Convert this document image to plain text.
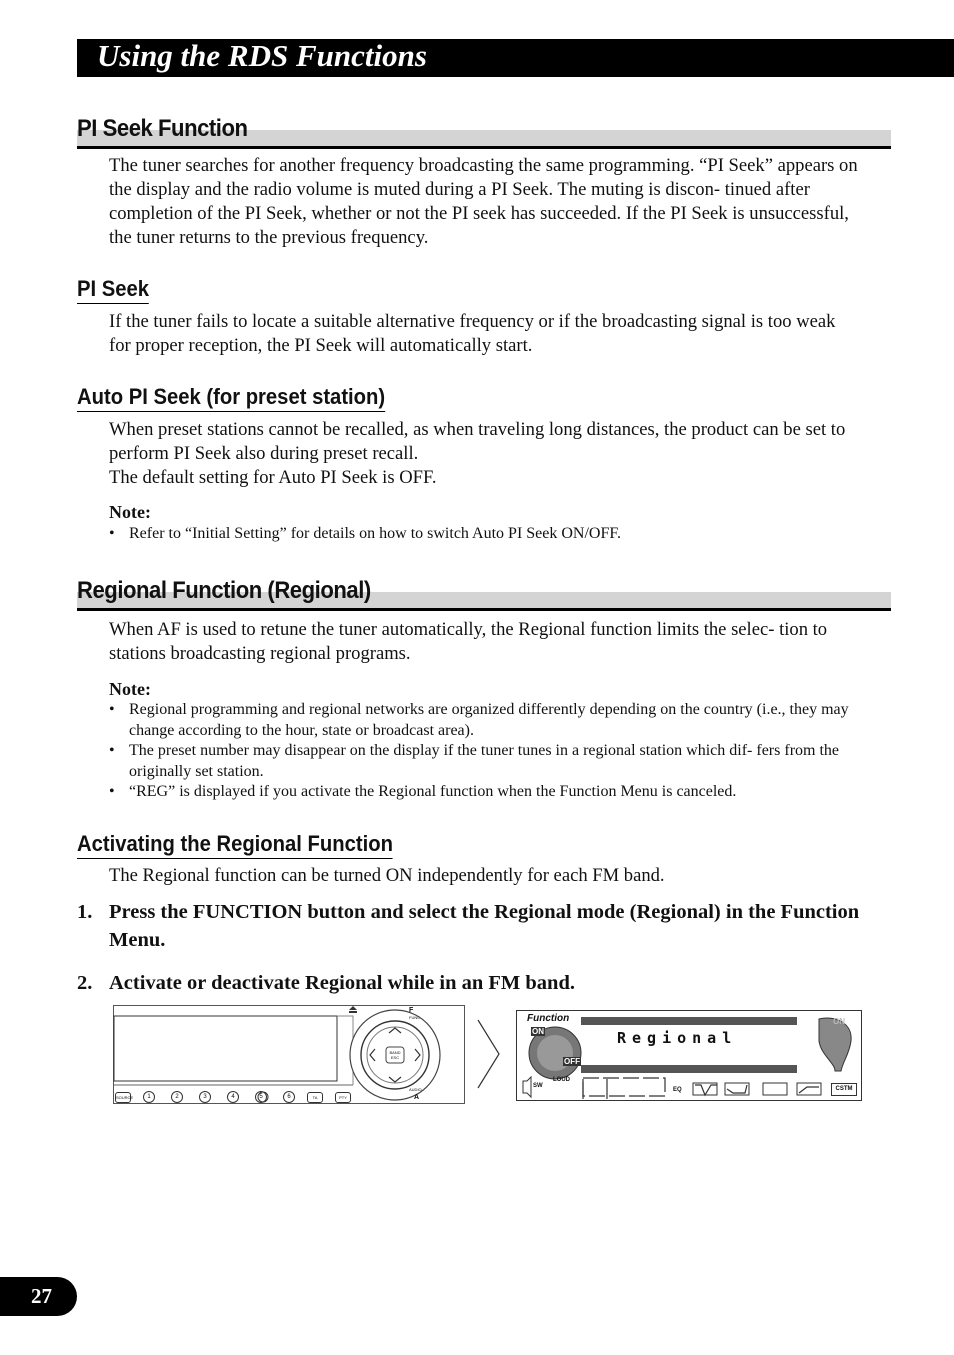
Using the RDS Functions
PI Seek Function
The tuner searches for another frequency broadcasting the same programming. “PI Seek” appears on the display and the radio volume is muted during a PI Seek. The muting is discon- tinued after completion of the PI Seek, whether or not the PI seek has succeeded. If the PI Seek is unsuccessful, the tuner returns to the previous frequency.
PI Seek
If the tuner fails to locate a suitable alternative frequency or if the broadcasting signal is too weak for proper reception, the PI Seek will automatically start.
Auto PI Seek (for preset station)
When preset stations cannot be recalled, as when traveling long distances, the product can be set to perform PI Seek also during preset recall.
The default setting for Auto PI Seek is OFF.
Note:
• Refer to “Initial Setting” for details on how to switch Auto PI Seek ON/OFF.
Regional Function (Regional)
When AF is used to retune the tuner automatically, the Regional function limits the selec- tion to stations broadcasting regional programs.
Note:
• Regional programming and regional networks are organized differently depending on the country (i.e., they may change according to the hour, state or broadcast area).
• The preset number may disappear on the display if the tuner tunes in a regional station which dif- fers from the originally set station.
• “REG” is displayed if you activate the Regional function when the Function Menu is canceled.
Activating the Regional Function
The Regional function can be turned ON independently for each FM band.
1. Press the FUNCTION button and select the Regional mode (Regional) in the Function Menu.
2. Activate or deactivate Regional while in an FM band.
F
FUNC
BAND ESC
AUDIO
A
SOURCE	1	2	3	4	5	6	TA	PTY
Function
ON
OFF
Regional
ON
SW
LOUD
EQ	CSTM
27
